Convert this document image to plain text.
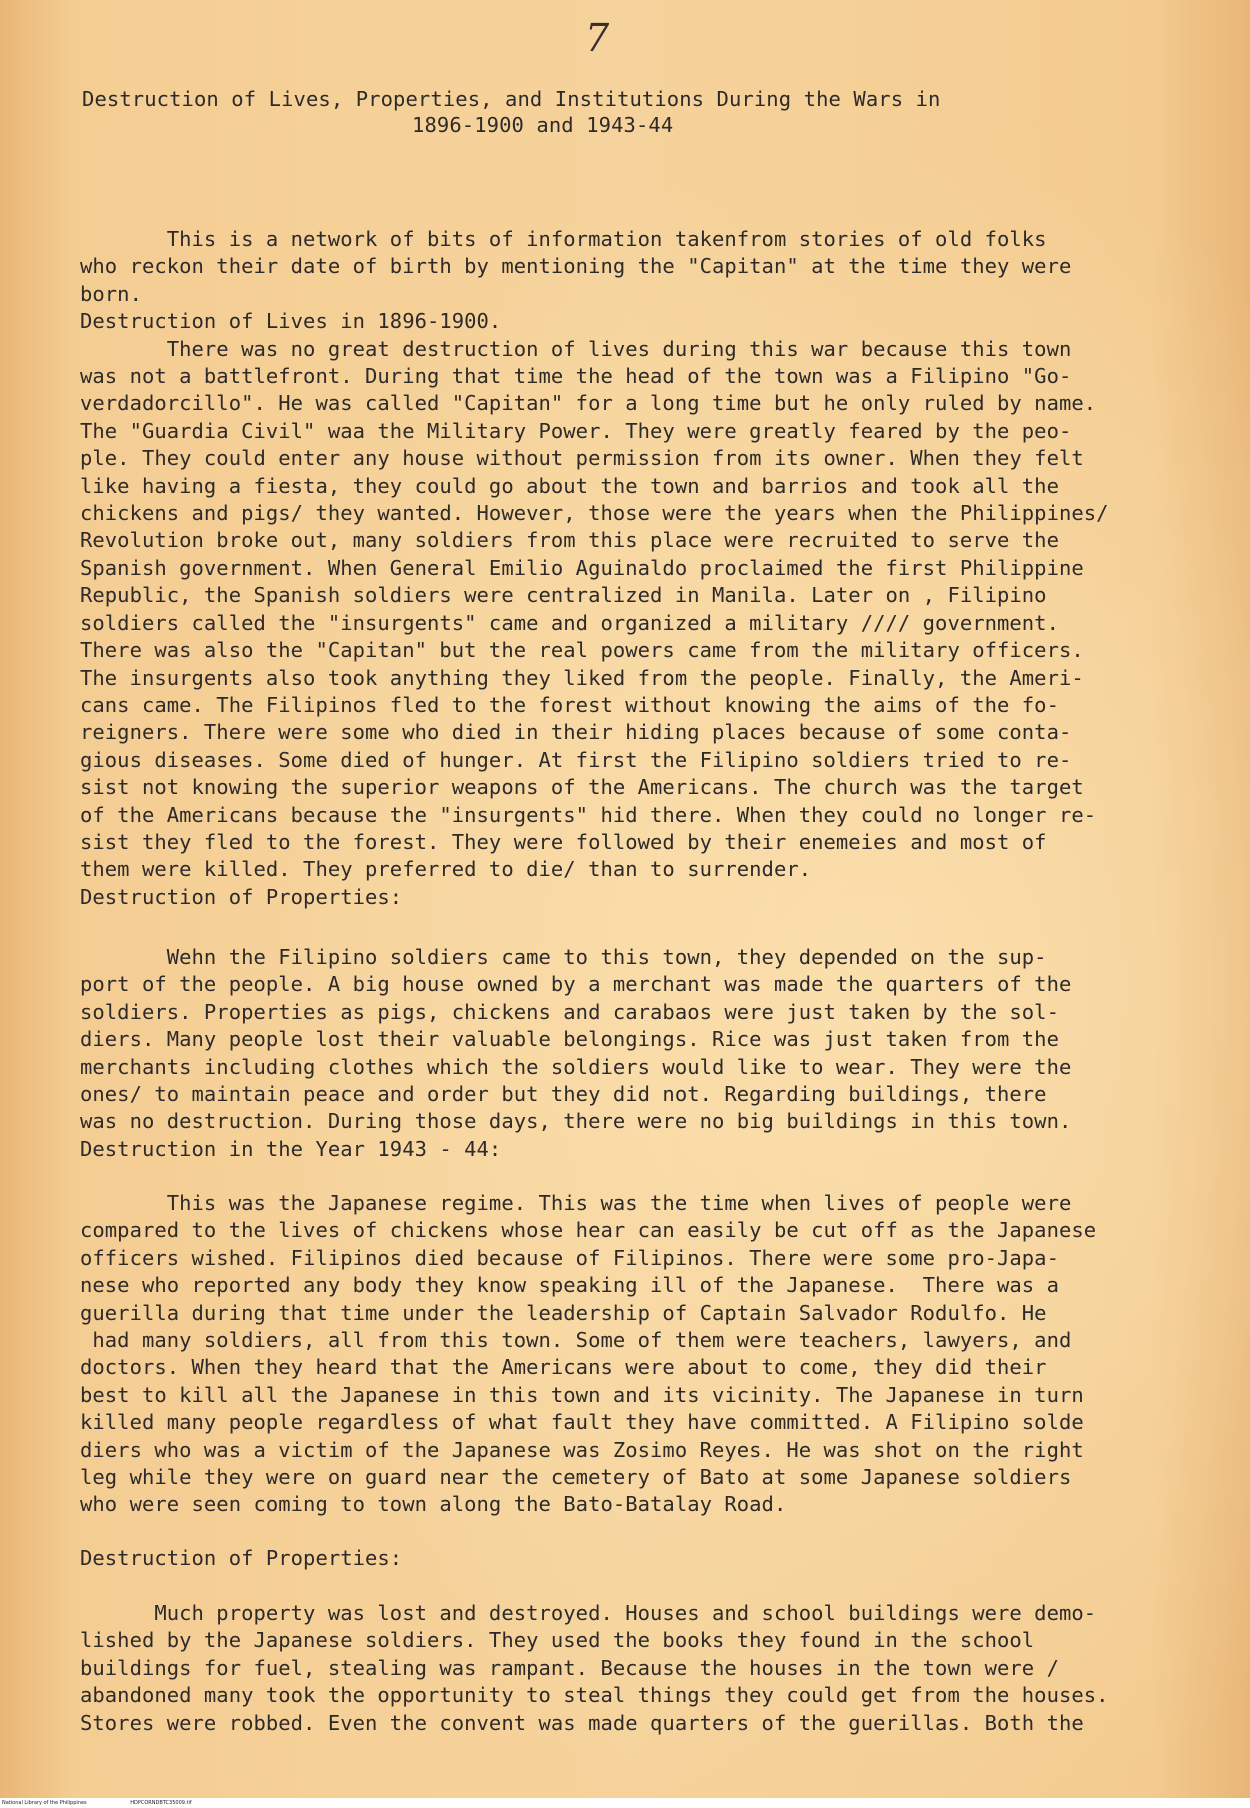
7
Destruction of Lives, Properties, and Institutions During the Wars in
1896-1900 and 1943-44
This is a network of bits of information takenfrom stories of old folks
who reckon their date of birth by mentioning the "Capitan" at the time they were
born.
Destruction of Lives in 1896-1900.
There was no great destruction of lives during this war because this town
was not a battlefront. During that time the head of the town was a Filipino "Go-
verdadorcillo". He was called "Capitan" for a long time but he only ruled by name.
The "Guardia Civil" waa the Military Power. They were greatly feared by the peo-
ple. They could enter any house without permission from its owner. When they felt
like having a fiesta, they could go about the town and barrios and took all the
chickens and pigs/ they wanted. However, those were the years when the Philippines/
Revolution broke out, many soldiers from this place were recruited to serve the
Spanish government. When General Emilio Aguinaldo proclaimed the first Philippine
Republic, the Spanish soldiers were centralized in Manila. Later on , Filipino
soldiers called the "insurgents" came and organized a military //// government.
There was also the "Capitan" but the real powers came from the military officers.
The insurgents also took anything they liked from the people. Finally, the Ameri-
cans came. The Filipinos fled to the forest without knowing the aims of the fo-
reigners. There were some who died in their hiding places because of some conta-
gious diseases. Some died of hunger. At first the Filipino soldiers tried to re-
sist not knowing the superior weapons of the Americans. The church was the target
of the Americans because the "insurgents" hid there. When they could no longer re-
sist they fled to the forest. They were followed by their enemeies and most of
them were killed. They preferred to die/ than to surrender.
Destruction of Properties:
Wehn the Filipino soldiers came to this town, they depended on the sup-
port of the people. A big house owned by a merchant was made the quarters of the
soldiers. Properties as pigs, chickens and carabaos were just taken by the sol-
diers. Many people lost their valuable belongings. Rice was just taken from the
merchants including clothes which the soldiers would like to wear. They were the
ones/ to maintain peace and order but they did not. Regarding buildings, there
was no destruction. During those days, there were no big buildings in this town.
Destruction in the Year 1943 - 44:
This was the Japanese regime. This was the time when lives of people were
compared to the lives of chickens whose hear can easily be cut off as the Japanese
officers wished. Filipinos died because of Filipinos. There were some pro-Japa-
nese who reported any body they know speaking ill of the Japanese.  There was a
guerilla during that time under the leadership of Captain Salvador Rodulfo. He
had many soldiers, all from this town. Some of them were teachers, lawyers, and
doctors. When they heard that the Americans were about to come, they did their
best to kill all the Japanese in this town and its vicinity. The Japanese in turn
killed many people regardless of what fault they have committed. A Filipino solde
diers who was a victim of the Japanese was Zosimo Reyes. He was shot on the right
leg while they were on guard near the cemetery of Bato at some Japanese soldiers
who were seen coming to town along the Bato-Batalay Road.
Destruction of Properties:
Much property was lost and destroyed. Houses and school buildings were demo-
lished by the Japanese soldiers. They used the books they found in the school
buildings for fuel, stealing was rampant. Because the houses in the town were /
abandoned many took the opportunity to steal things they could get from the houses.
Stores were robbed. Even the convent was made quarters of the guerillas. Both the
National Library of the Philippines	HDPCORNDBTC35009.tif
